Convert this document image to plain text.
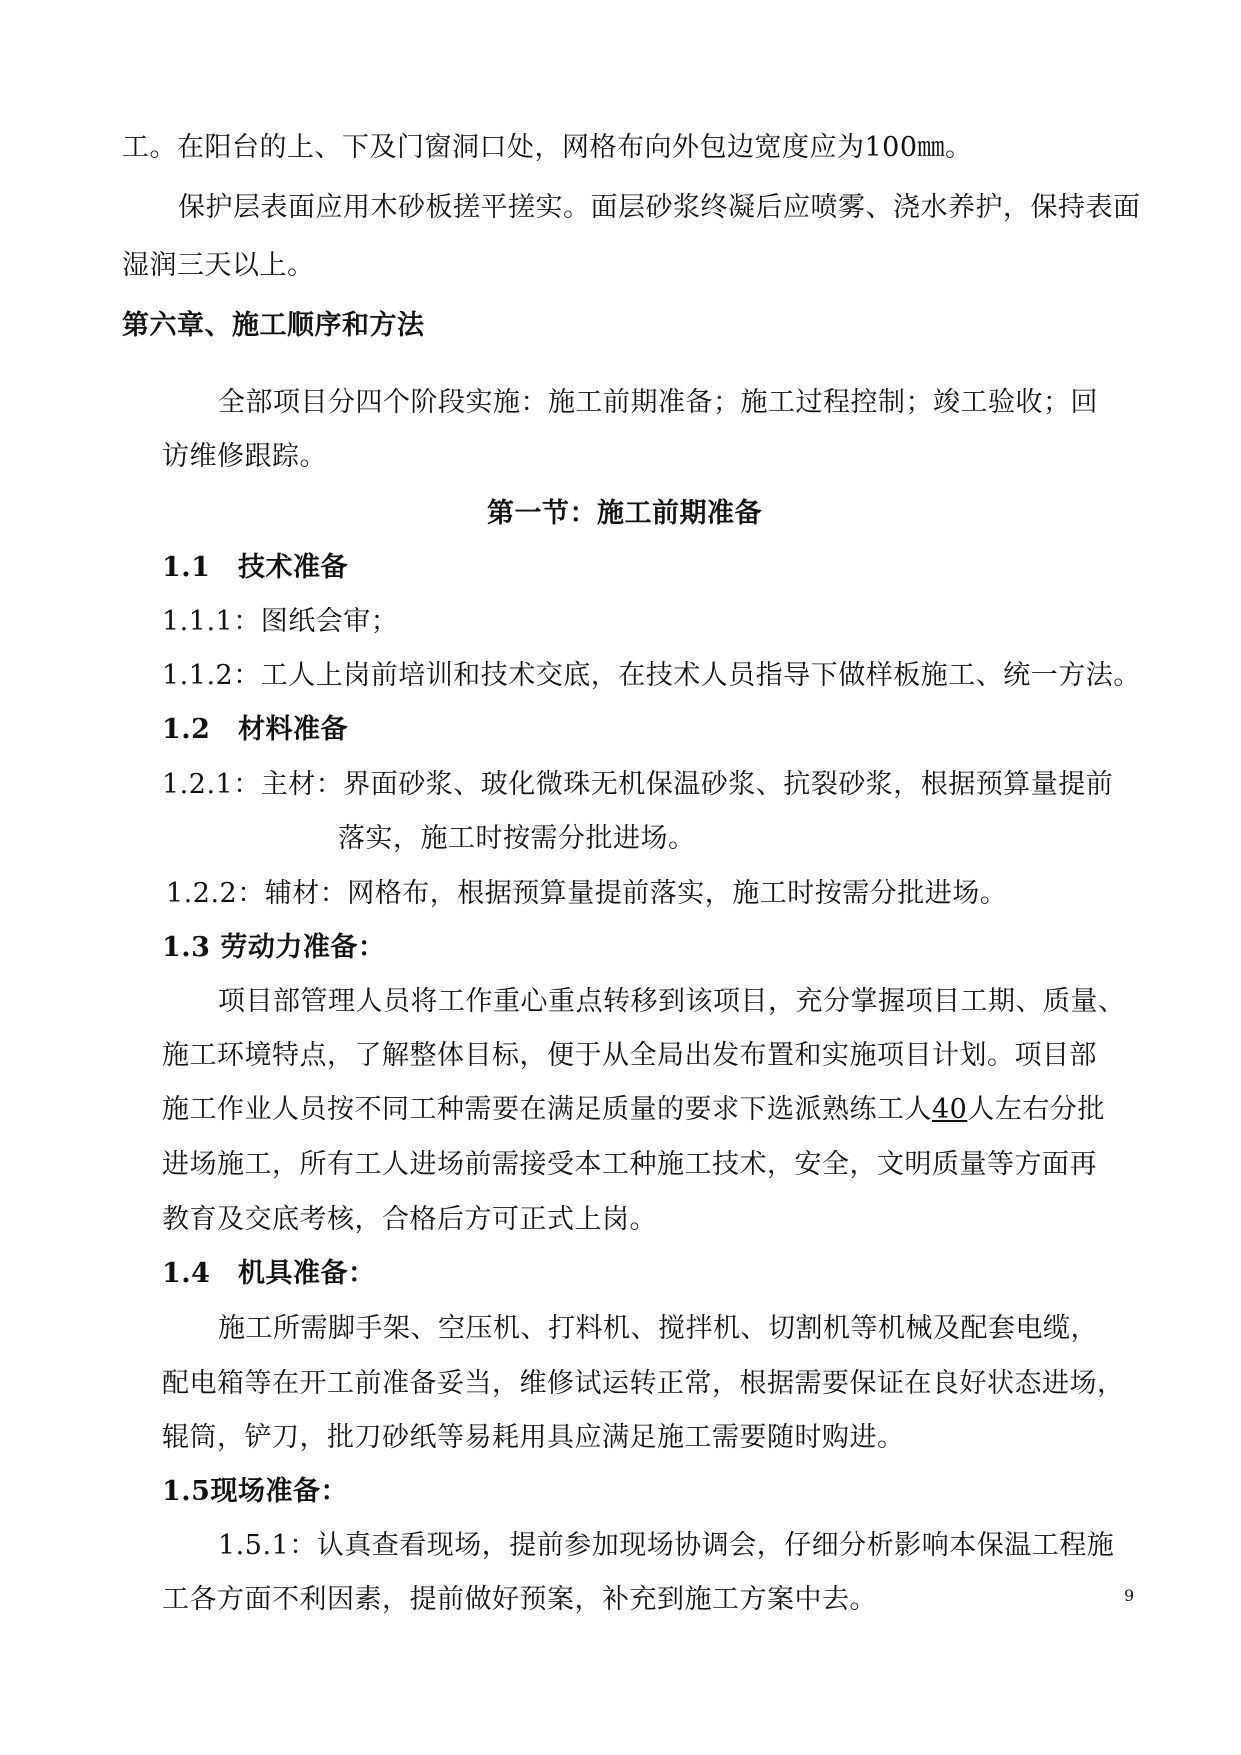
工。在阳台的上、下及门窗洞口处，网格布向外包边宽度应为100㎜。
保护层表面应用木砂板搓平搓实。面层砂浆终凝后应喷雾、浇水养护，保持表面
湿润三天以上。
第六章、施工顺序和方法
全部项目分四个阶段实施：施工前期准备；施工过程控制；竣工验收；回
访维修跟踪。
第一节：施工前期准备
1.1　技术准备
1.1.1：图纸会审；
1.1.2：工人上岗前培训和技术交底，在技术人员指导下做样板施工、统一方法。
1.2　材料准备
1.2.1：主材：界面砂浆、玻化微珠无机保温砂浆、抗裂砂浆，根据预算量提前
落实，施工时按需分批进场。
1.2.2：辅材：网格布，根据预算量提前落实，施工时按需分批进场。
1.3 劳动力准备：
项目部管理人员将工作重心重点转移到该项目，充分掌握项目工期、质量、
施工环境特点，了解整体目标，便于从全局出发布置和实施项目计划。项目部
施工作业人员按不同工种需要在满足质量的要求下选派熟练工人40人左右分批
进场施工，所有工人进场前需接受本工种施工技术，安全，文明质量等方面再
教育及交底考核，合格后方可正式上岗。
1.4　机具准备：
施工所需脚手架、空压机、打料机、搅拌机、切割机等机械及配套电缆，
配电箱等在开工前准备妥当，维修试运转正常，根据需要保证在良好状态进场，
辊筒，铲刀，批刀砂纸等易耗用具应满足施工需要随时购进。
1.5现场准备：
1.5.1：认真查看现场，提前参加现场协调会，仔细分析影响本保温工程施
工各方面不利因素，提前做好预案，补充到施工方案中去。	9
